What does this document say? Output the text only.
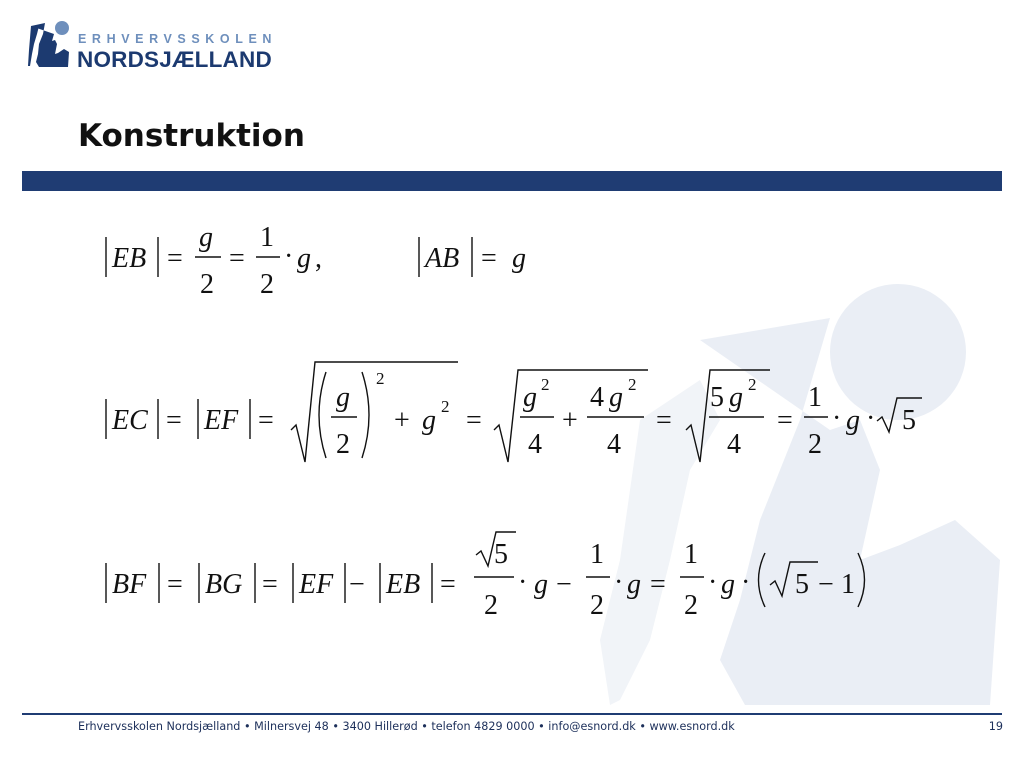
ERHVERVSSKOLEN
NORDSJÆLLAND
Konstruktion
EB =
g
2
=
1
2
· g ,	AB = g
EC = EF =
g
2
2
+ g 2 =
g 2
4
+
4 g 2
4
=
5 g 2
4
=
1
2
· g · 5
BF = BG = EF − EB =
5
2
· g −
1
2
· g =
1
2
· g · 5 − 1
Erhvervsskolen Nordsjælland • Milnersvej 48 • 3400 Hillerød • telefon 4829 0000 • info@esnord.dk • www.esnord.dk	19
